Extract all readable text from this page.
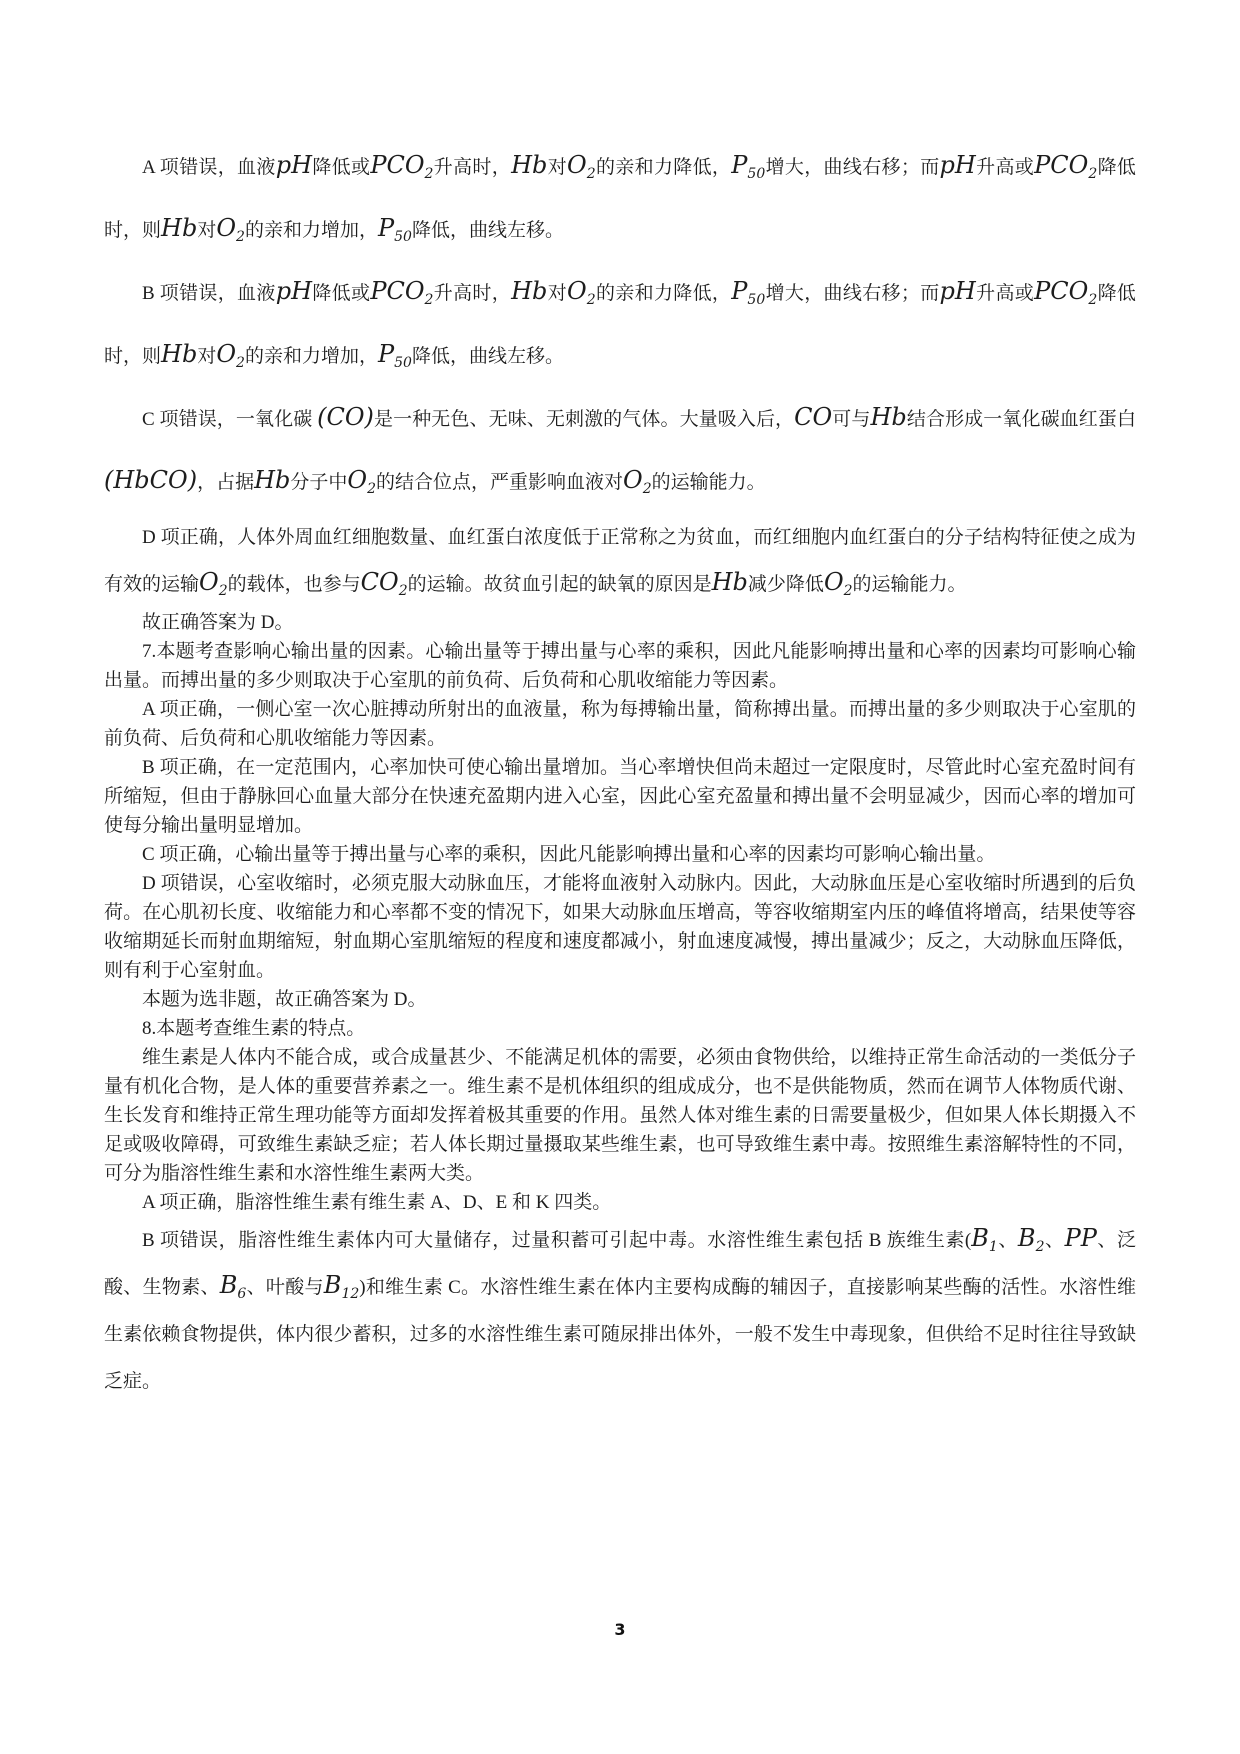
A 项错误，血液pH降低或$PCO_2$升高时，Hb对$O_2$的亲和力降低，$P_{50}$增大，曲线右移；而pH升高或$PCO_2$降低时，则Hb对$O_2$的亲和力增加，$P_{50}$降低，曲线左移。

B 项错误，血液pH降低或$PCO_2$升高时，Hb对$O_2$的亲和力降低，$P_{50}$增大，曲线右移；而pH升高或$PCO_2$降低时，则Hb对$O_2$的亲和力增加，$P_{50}$降低，曲线左移。

C 项错误，一氧化碳 (CO)是一种无色、无味、无刺激的气体。大量吸入后，CO可与Hb结合形成一氧化碳血红蛋白 (HbCO)，占据Hb分子中$O_2$的结合位点，严重影响血液对$O_2$的运输能力。

D 项正确，人体外周血红细胞数量、血红蛋白浓度低于正常称之为贫血，而红细胞内血红蛋白的分子结构特征使之成为有效的运输$O_2$的载体，也参与$CO_2$的运输。故贫血引起的缺氧的原因是Hb减少降低$O_2$的运输能力。

故正确答案为 D。

7.本题考查影响心输出量的因素。心输出量等于搏出量与心率的乘积，因此凡能影响搏出量和心率的因素均可影响心输出量。而搏出量的多少则取决于心室肌的前负荷、后负荷和心肌收缩能力等因素。

A 项正确，一侧心室一次心脏搏动所射出的血液量，称为每搏输出量，简称搏出量。而搏出量的多少则取决于心室肌的前负荷、后负荷和心肌收缩能力等因素。

B 项正确，在一定范围内，心率加快可使心输出量增加。当心率增快但尚未超过一定限度时，尽管此时心室充盈时间有所缩短，但由于静脉回心血量大部分在快速充盈期内进入心室，因此心室充盈量和搏出量不会明显减少，因而心率的增加可使每分输出量明显增加。

C 项正确，心输出量等于搏出量与心率的乘积，因此凡能影响搏出量和心率的因素均可影响心输出量。

D 项错误，心室收缩时，必须克服大动脉血压，才能将血液射入动脉内。因此，大动脉血压是心室收缩时所遇到的后负荷。在心肌初长度、收缩能力和心率都不变的情况下，如果大动脉血压增高，等容收缩期室内压的峰值将增高，结果使等容收缩期延长而射血期缩短，射血期心室肌缩短的程度和速度都减小，射血速度减慢，搏出量减少；反之，大动脉血压降低，则有利于心室射血。

本题为选非题，故正确答案为 D。

8.本题考查维生素的特点。

维生素是人体内不能合成，或合成量甚少、不能满足机体的需要，必须由食物供给，以维持正常生命活动的一类低分子量有机化合物，是人体的重要营养素之一。维生素不是机体组织的组成成分，也不是供能物质，然而在调节人体物质代谢、生长发育和维持正常生理功能等方面却发挥着极其重要的作用。虽然人体对维生素的日需要量极少，但如果人体长期摄入不足或吸收障碍，可致维生素缺乏症；若人体长期过量摄取某些维生素，也可导致维生素中毒。按照维生素溶解特性的不同，可分为脂溶性维生素和水溶性维生素两大类。

A 项正确，脂溶性维生素有维生素 A、D、E 和 K 四类。

B 项错误，脂溶性维生素体内可大量储存，过量积蓄可引起中毒。水溶性维生素包括 B 族维生素($B_1$、$B_2$、PP、泛酸、生物素、$B_6$、叶酸与$B_{12}$)和维生素 C。水溶性维生素在体内主要构成酶的辅因子，直接影响某些酶的活性。水溶性维生素依赖食物提供，体内很少蓄积，过多的水溶性维生素可随尿排出体外，一般不发生中毒现象，但供给不足时往往导致缺乏症。

3
